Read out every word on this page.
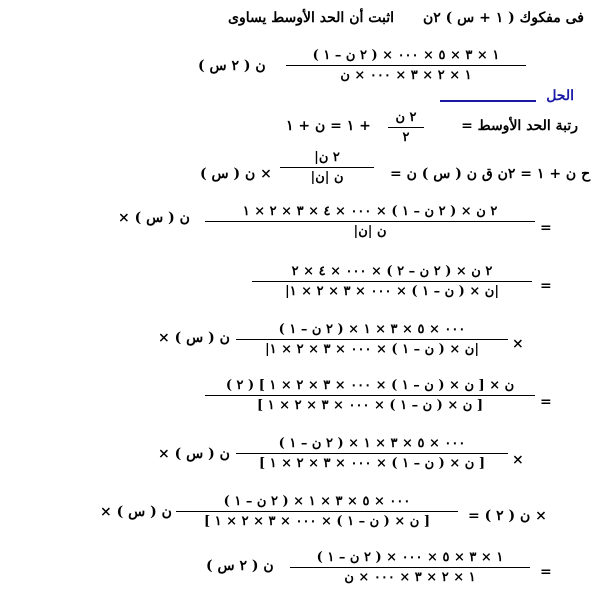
فى مفكوك ( ١ + س ) ٢ن
اثبت أن الحد الأوسط يساوى
١ × ٣ × ٥ × ٠٠٠ × ( ٢ ن – ١ )
١ × ٢ × ٣ × ٠٠٠ × ن
( ٢ س ) ن
الحل
رتبة الحد الأوسط =
٢ ن
٢
+ ١ = ن + ١
ح ن + ١ = ٢ن ق ن ( س ) ن =
|٢ ن
|ن |ن
( س ) ن ×
=
٢ ن × ( ٢ ن – ١ ) × ٠٠٠ × ٤ × ٣ × ٢ × ١
|ن |ن
× ( س ) ن
=
٢ ن × ( ٢ ن – ٢ ) × ٠٠٠ × ٤ × ٢
|ن × ( ن – ١ ) × ٠٠٠ × ٣ × ٢ × ١|
×
( ٢ ن – ١ ) × ٠٠٠ × ٥ × ٣ × ١
|ن × ( ن – ١ ) × ٠٠٠ × ٣ × ٢ × ١|
× ( س ) ن
=
( ٢ ) ن × [ ن × ( ن – ١ ) × ٠٠٠ × ٣ × ٢ × ١ ]
[ ن × ( ن – ١ ) × ٠٠٠ × ٣ × ٢ × ١ ]
×
( ٢ ن – ١ ) × ٠٠٠ × ٥ × ٣ × ١
[ ن × ( ن – ١ ) × ٠٠٠ × ٣ × ٢ × ١ ]
× ( س ) ن
= ( ٢ ) ن ×
( ٢ ن – ١ ) × ٠٠٠ × ٥ × ٣ × ١
[ ن × ( ن – ١ ) × ٠٠٠ × ٣ × ٢ × ١ ]
× ( س ) ن
=
١ × ٣ × ٥ × ٠٠٠ × ( ٢ ن – ١ )
١ × ٢ × ٣ × ٠٠٠ × ن
( ٢ س ) ن
